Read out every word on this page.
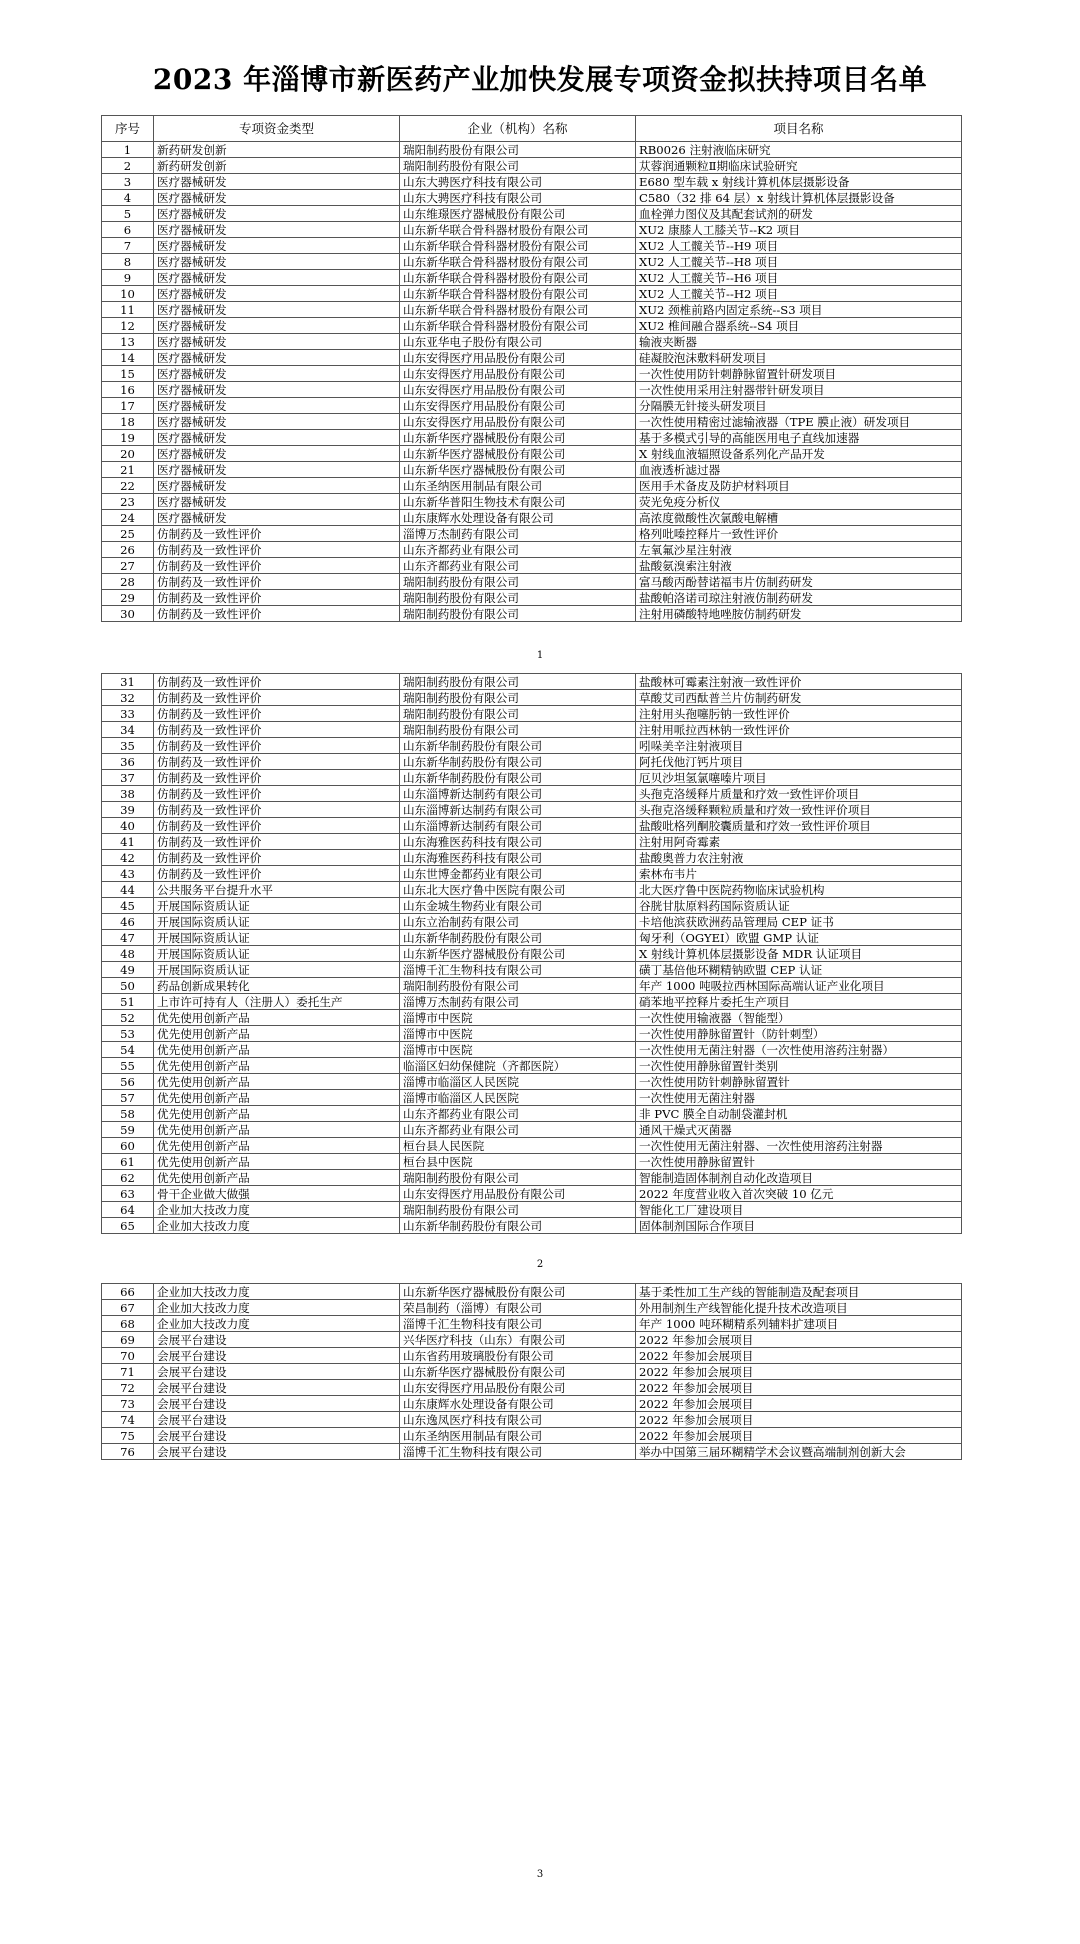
2023 年淄博市新医药产业加快发展专项资金拟扶持项目名单
序号	专项资金类型	企业（机构）名称	项目名称
1	新药研发创新	瑞阳制药股份有限公司	RB0026 注射液临床研究
2	新药研发创新	瑞阳制药股份有限公司	苁蓉润通颗粒Ⅱ期临床试验研究
3	医疗器械研发	山东大骋医疗科技有限公司	E680 型车载 x 射线计算机体层摄影设备
4	医疗器械研发	山东大骋医疗科技有限公司	C580（32 排 64 层）x 射线计算机体层摄影设备
5	医疗器械研发	山东维璟医疗器械股份有限公司	血栓弹力图仪及其配套试剂的研发
6	医疗器械研发	山东新华联合骨科器材股份有限公司	XU2 康膝人工膝关节--K2 项目
7	医疗器械研发	山东新华联合骨科器材股份有限公司	XU2 人工髋关节--H9 项目
8	医疗器械研发	山东新华联合骨科器材股份有限公司	XU2 人工髋关节--H8 项目
9	医疗器械研发	山东新华联合骨科器材股份有限公司	XU2 人工髋关节--H6 项目
10	医疗器械研发	山东新华联合骨科器材股份有限公司	XU2 人工髋关节--H2 项目
11	医疗器械研发	山东新华联合骨科器材股份有限公司	XU2 颈椎前路内固定系统--S3 项目
12	医疗器械研发	山东新华联合骨科器材股份有限公司	XU2 椎间融合器系统--S4 项目
13	医疗器械研发	山东亚华电子股份有限公司	输液夹断器
14	医疗器械研发	山东安得医疗用品股份有限公司	硅凝胶泡沫敷料研发项目
15	医疗器械研发	山东安得医疗用品股份有限公司	一次性使用防针刺静脉留置针研发项目
16	医疗器械研发	山东安得医疗用品股份有限公司	一次性使用采用注射器带针研发项目
17	医疗器械研发	山东安得医疗用品股份有限公司	分隔膜无针接头研发项目
18	医疗器械研发	山东安得医疗用品股份有限公司	一次性使用精密过滤输液器（TPE 膜止液）研发项目
19	医疗器械研发	山东新华医疗器械股份有限公司	基于多模式引导的高能医用电子直线加速器
20	医疗器械研发	山东新华医疗器械股份有限公司	X 射线血液辐照设备系列化产品开发
21	医疗器械研发	山东新华医疗器械股份有限公司	血液透析滤过器
22	医疗器械研发	山东圣纳医用制品有限公司	医用手术备皮及防护材料项目
23	医疗器械研发	山东新华普阳生物技术有限公司	荧光免疫分析仪
24	医疗器械研发	山东康辉水处理设备有限公司	高浓度微酸性次氯酸电解槽
25	仿制药及一致性评价	淄博万杰制药有限公司	格列吡嗪控释片一致性评价
26	仿制药及一致性评价	山东齐都药业有限公司	左氧氟沙星注射液
27	仿制药及一致性评价	山东齐都药业有限公司	盐酸氨溴索注射液
28	仿制药及一致性评价	瑞阳制药股份有限公司	富马酸丙酚替诺福韦片仿制药研发
29	仿制药及一致性评价	瑞阳制药股份有限公司	盐酸帕洛诺司琼注射液仿制药研发
30	仿制药及一致性评价	瑞阳制药股份有限公司	注射用磷酸特地唑胺仿制药研发
1
31	仿制药及一致性评价	瑞阳制药股份有限公司	盐酸林可霉素注射液一致性评价
32	仿制药及一致性评价	瑞阳制药股份有限公司	草酸艾司西酞普兰片仿制药研发
33	仿制药及一致性评价	瑞阳制药股份有限公司	注射用头孢噻肟钠一致性评价
34	仿制药及一致性评价	瑞阳制药股份有限公司	注射用哌拉西林钠一致性评价
35	仿制药及一致性评价	山东新华制药股份有限公司	吲哚美辛注射液项目
36	仿制药及一致性评价	山东新华制药股份有限公司	阿托伐他汀钙片项目
37	仿制药及一致性评价	山东新华制药股份有限公司	厄贝沙坦氢氯噻嗪片项目
38	仿制药及一致性评价	山东淄博新达制药有限公司	头孢克洛缓释片质量和疗效一致性评价项目
39	仿制药及一致性评价	山东淄博新达制药有限公司	头孢克洛缓释颗粒质量和疗效一致性评价项目
40	仿制药及一致性评价	山东淄博新达制药有限公司	盐酸吡格列酮胶囊质量和疗效一致性评价项目
41	仿制药及一致性评价	山东海雅医药科技有限公司	注射用阿奇霉素
42	仿制药及一致性评价	山东海雅医药科技有限公司	盐酸奥普力农注射液
43	仿制药及一致性评价	山东世博金都药业有限公司	索林布韦片
44	公共服务平台提升水平	山东北大医疗鲁中医院有限公司	北大医疗鲁中医院药物临床试验机构
45	开展国际资质认证	山东金城生物药业有限公司	谷胱甘肽原料药国际资质认证
46	开展国际资质认证	山东立治制药有限公司	卡培他滨获欧洲药品管理局 CEP 证书
47	开展国际资质认证	山东新华制药股份有限公司	匈牙利（OGYEI）欧盟 GMP 认证
48	开展国际资质认证	山东新华医疗器械股份有限公司	X 射线计算机体层摄影设备 MDR 认证项目
49	开展国际资质认证	淄博千汇生物科技有限公司	磺丁基倍他环糊精钠欧盟 CEP 认证
50	药品创新成果转化	瑞阳制药股份有限公司	年产 1000 吨吸拉西林国际高端认证产业化项目
51	上市许可持有人（注册人）委托生产	淄博万杰制药有限公司	硝苯地平控释片委托生产项目
52	优先使用创新产品	淄博市中医院	一次性使用输液器（智能型）
53	优先使用创新产品	淄博市中医院	一次性使用静脉留置针（防针刺型）
54	优先使用创新产品	淄博市中医院	一次性使用无菌注射器（一次性使用溶药注射器）
55	优先使用创新产品	临淄区妇幼保健院（齐都医院）	一次性使用静脉留置针类别
56	优先使用创新产品	淄博市临淄区人民医院	一次性使用防针刺静脉留置针
57	优先使用创新产品	淄博市临淄区人民医院	一次性使用无菌注射器
58	优先使用创新产品	山东齐都药业有限公司	非 PVC 膜全自动制袋灌封机
59	优先使用创新产品	山东齐都药业有限公司	通风干燥式灭菌器
60	优先使用创新产品	桓台县人民医院	一次性使用无菌注射器、一次性使用溶药注射器
61	优先使用创新产品	桓台县中医院	一次性使用静脉留置针
62	优先使用创新产品	瑞阳制药股份有限公司	智能制造固体制剂自动化改造项目
63	骨干企业做大做强	山东安得医疗用品股份有限公司	2022 年度营业收入首次突破 10 亿元
64	企业加大技改力度	瑞阳制药股份有限公司	智能化工厂建设项目
65	企业加大技改力度	山东新华制药股份有限公司	固体制剂国际合作项目
2
66	企业加大技改力度	山东新华医疗器械股份有限公司	基于柔性加工生产线的智能制造及配套项目
67	企业加大技改力度	荣昌制药（淄博）有限公司	外用制剂生产线智能化提升技术改造项目
68	企业加大技改力度	淄博千汇生物科技有限公司	年产 1000 吨环糊精系列辅料扩建项目
69	会展平台建设	兴华医疗科技（山东）有限公司	2022 年参加会展项目
70	会展平台建设	山东省药用玻璃股份有限公司	2022 年参加会展项目
71	会展平台建设	山东新华医疗器械股份有限公司	2022 年参加会展项目
72	会展平台建设	山东安得医疗用品股份有限公司	2022 年参加会展项目
73	会展平台建设	山东康辉水处理设备有限公司	2022 年参加会展项目
74	会展平台建设	山东逸凤医疗科技有限公司	2022 年参加会展项目
75	会展平台建设	山东圣纳医用制品有限公司	2022 年参加会展项目
76	会展平台建设	淄博千汇生物科技有限公司	举办中国第三届环糊精学术会议暨高端制剂创新大会
3
